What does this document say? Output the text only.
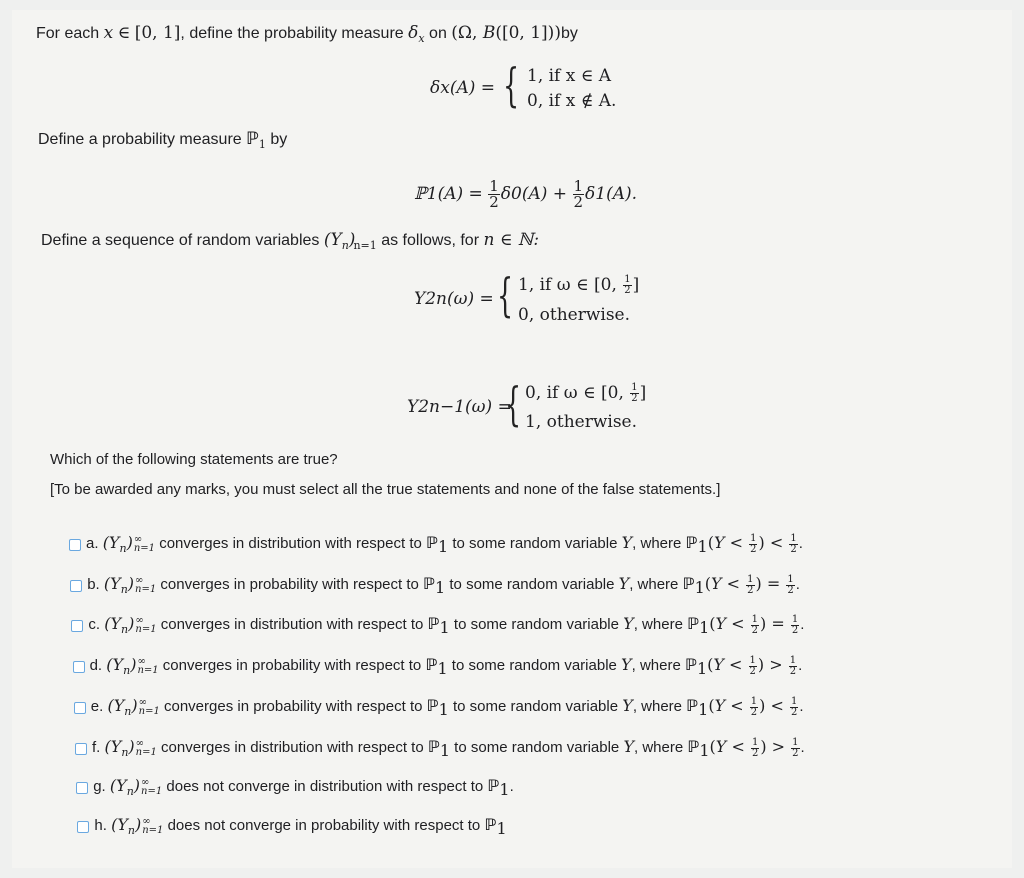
For each x ∈ [0, 1], define the probability measure $\delta_x$ on (Ω, B([0, 1]))by
δx(A) = { 1, if x ∈ A
0, if x ∉ A.
Define a probability measure ℙ$_1$ by
ℙ1(A) = $\frac{1}{2} \delta 0(A) + \frac{1}{2} \delta 1(A)$.
Define a sequence of random variables $(Y_n)_{n=1}$ as follows, for n ∈ ℕ:
Y2n(ω) = { 1, if ω ∈ [0, $\frac{1}{2}$ ]
0, otherwise.
Y2n−1(ω) =
{ 0, if ω ∈ [0, $\frac{1}{2}$ ]
1, otherwise.
Which of the following statements are true?
[To be awarded any marks, you must select all the true statements and none of the false statements.]
a. $(Y_n)$ ∞
n=1 converges in distribution with respect to ℙ1 to some random variable Y, where ℙ1(Y < $\frac{1}{2}$ ) < $\frac{1}{2}$ .
b. $(Y_n)$ ∞
n=1 converges in probability with respect to ℙ1 to some random variable Y, where ℙ1(Y < $\frac{1}{2}$ ) = $\frac{1}{2}$ .
c. $(Y_n)$ ∞
n=1 converges in distribution with respect to ℙ1 to some random variable Y, where ℙ1(Y < $\frac{1}{2}$ ) = $\frac{1}{2}$ .
d. $(Y_n)$ ∞
n=1 converges in probability with respect to ℙ1 to some random variable Y, where ℙ1(Y < $\frac{1}{2}$ ) > $\frac{1}{2}$ .
e. $(Y_n)$ ∞
n=1 converges in probability with respect to ℙ1 to some random variable Y, where ℙ1(Y < $\frac{1}{2}$ ) < $\frac{1}{2}$ .
f. $(Y_n)$ ∞
n=1 converges in distribution with respect to ℙ1 to some random variable Y, where ℙ1(Y < $\frac{1}{2}$ ) > $\frac{1}{2}$ .
g. $(Y_n)$ ∞
n=1 does not converge in distribution with respect to ℙ1.
h. $(Y_n)$ ∞
n=1 does not converge in probability with respect to ℙ1
